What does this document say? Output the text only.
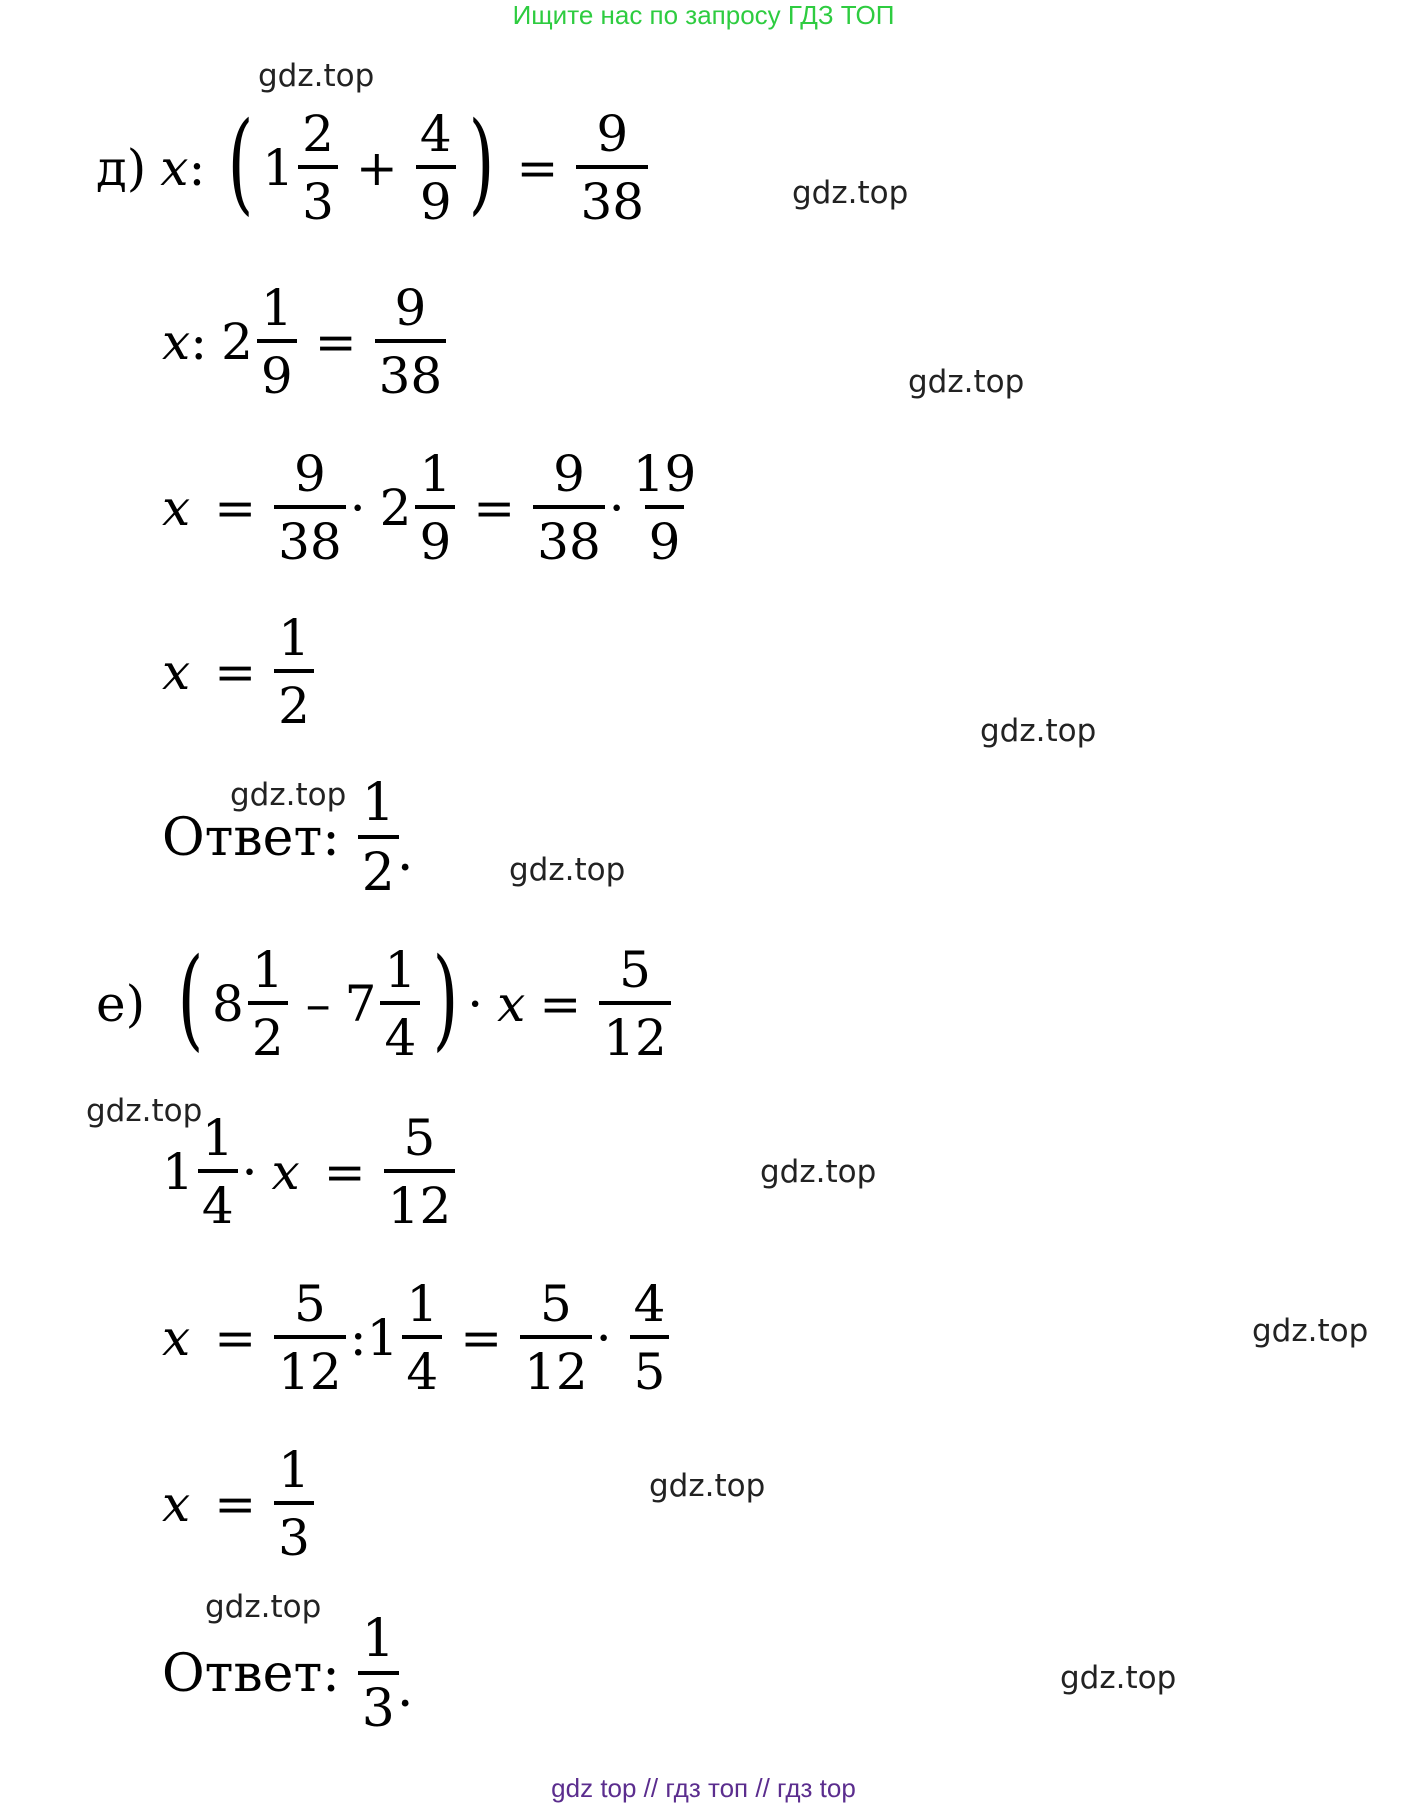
Ищите нас по запросу ГДЗ ТОП
gdz top // гдз топ // гдз top
gdz.top
gdz.top
gdz.top
gdz.top
gdz.top
gdz.top
gdz.top
gdz.top
gdz.top
gdz.top
gdz.top
gdz.top
д) x : ( $1 \frac{2}{3} + \frac{4}{9}$ ) = $\frac{9}{38}$
x : $2 \frac{1}{9} = \frac{9}{38}$
$x = \frac{9}{38} \cdot 2 \frac{1}{9} = \frac{9}{38} \cdot \frac{19}{9}$
$x = \frac{1}{2}$
Ответ: $\frac{1}{2}$
.
е) ( $8 \frac{1}{2} - 7 \frac{1}{4}$ ) · $x = \frac{5}{12}$
$1 \frac{1}{4} \cdot x = \frac{5}{12}$
$x = \frac{5}{12}$ : $1 \frac{1}{4} = \frac{5}{12} \cdot \frac{4}{5}$
$x = \frac{1}{3}$
Ответ: $\frac{1}{3}$
.
